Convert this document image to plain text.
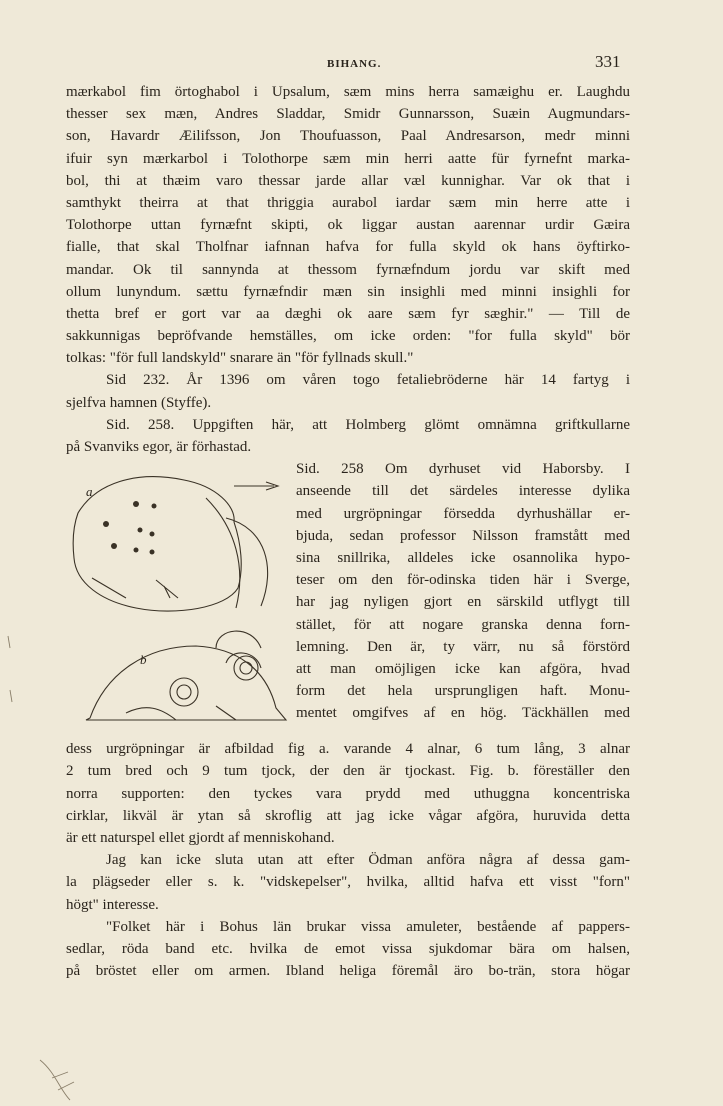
BIHANG.	331
mærkabol fim örtoghabol i Upsalum, sæm mins herra samæighu er. Laughdu
thesser sex mæn, Andres Sladdar, Smidr Gunnarsson, Suæin Augmundars-
son, Havardr Æilifsson, Jon Thoufuasson, Paal Andresarson, medr minni
ifuir syn mærkarbol i Tolothorpe sæm min herri aatte für fyrnefnt marka-
bol, thi at thæim varo thessar jarde allar væl kunnighar. Var ok that i
samthykt theirra at that thriggia aurabol iardar sæm min herre atte i
Tolothorpe uttan fyrnæfnt skipti, ok liggar austan aarennar urdir Gæira
fialle, that skal Tholfnar iafnnan hafva for fulla skyld ok hans öyftirko-
mandar. Ok til sannynda at thessom fyrnæfndum jordu var skift med
ollum lunyndum. sættu fyrnæfndir mæn sin insighli med minni insighli for
thetta bref er gort var aa dæghi ok aare sæm fyr sæghir." — Till de
sakkunnigas bepröfvande hemställes, om icke orden: "for fulla skyld" bör
tolkas: "för full landskyld" snarare än "för fyllnads skull."
Sid 232. År 1396 om våren togo fetaliebröderne här 14 fartyg i
sjelfva hamnen (Styffe).
Sid. 258. Uppgiften här, att Holmberg glömt omnämna griftkullarne
på Svanviks egor, är förhastad.
a
b
Sid. 258 Om dyrhuset vid Haborsby. I
anseende till det särdeles interesse dylika
med urgröpningar försedda dyrhushällar er-
bjuda, sedan professor Nilsson framstått med
sina snillrika, alldeles icke osannolika hypo-
teser om den för-odinska tiden här i Sverge,
har jag nyligen gjort en särskild utflygt till
stället, för att nogare granska denna forn-
lemning. Den är, ty värr, nu så förstörd
att man omöjligen icke kan afgöra, hvad
form det hela ursprungligen haft. Monu-
mentet omgifves af en hög. Täckhällen med
dess urgröpningar är afbildad fig a. varande 4 alnar, 6 tum lång, 3 alnar
2 tum bred och 9 tum tjock, der den är tjockast. Fig. b. föreställer den
norra supporten: den tyckes vara prydd med uthuggna koncentriska
cirklar, likväl är ytan så skroflig att jag icke vågar afgöra, huruvida detta
är ett naturspel ellet gjordt af menniskohand.
Jag kan icke sluta utan att efter Ödman anföra några af dessa gam-
la plägseder eller s. k. "vidskepelser", hvilka, alltid hafva ett visst "forn"
högt" interesse.
"Folket här i Bohus län brukar vissa amuleter, bestående af pappers-
sedlar, röda band etc. hvilka de emot vissa sjukdomar bära om halsen,
på bröstet eller om armen. Ibland heliga föremål äro bo-trän, stora högar
